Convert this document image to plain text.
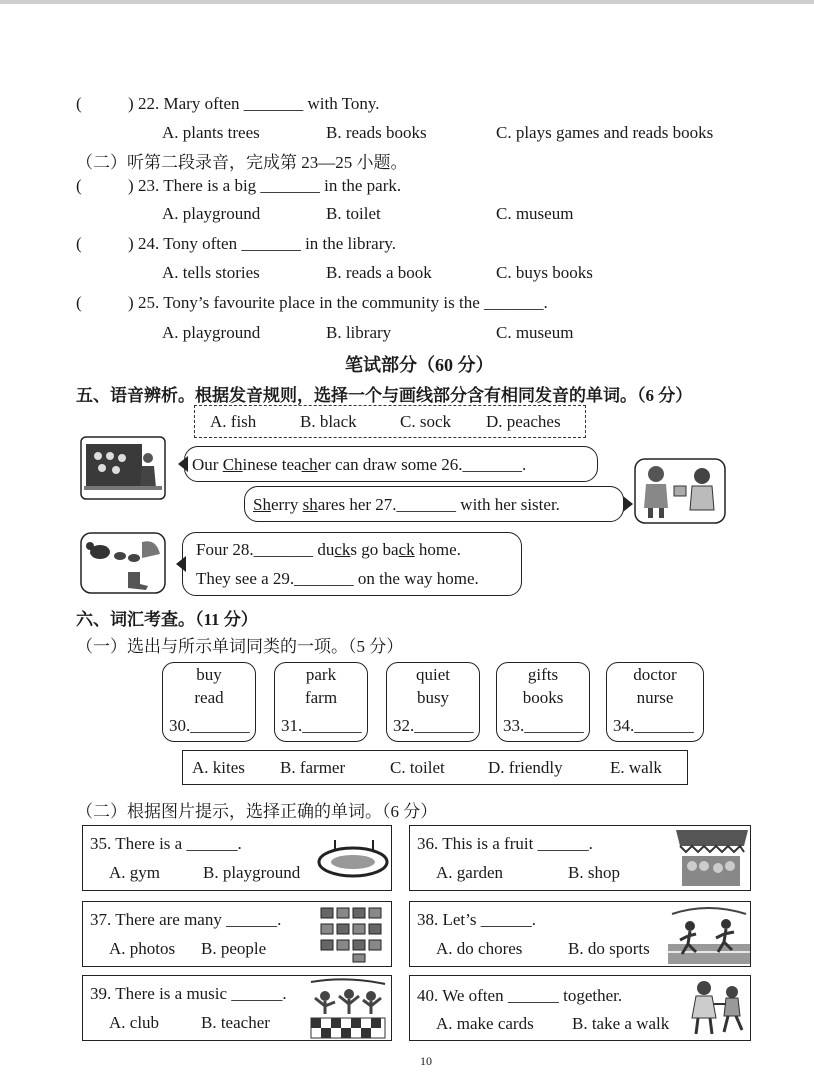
(	) 22. Mary often _______ with Tony.
A. plants trees	B. reads books	C. plays games and reads books
（二）听第二段录音，完成第 23—25 小题。
(	) 23. There is a big _______ in the park.
A. playground	B. toilet	C. museum
(	) 24. Tony often _______ in the library.
A. tells stories	B. reads a book	C. buys books
(	) 25. Tony’s favourite place in the community is the _______.
A. playground	B. library	C. museum
笔试部分（60 分）
五、语音辨析。根据发音规则，选择一个与画线部分含有相同发音的单词。（6 分）
A. fish	B. black	C. sock D. peaches
Our Chinese teacher can draw some 26._______.
Sherry shares her 27._______ with her sister.
Four 28._______ ducks go back home.
They see a 29._______ on the way home.
六、词汇考查。（11 分）
（一）选出与所示单词同类的一项。（5 分）
buy
read
30._______
park
farm
31._______
quiet
busy
32._______
gifts
books
33._______
doctor
nurse
34._______
A. kites B. farmer	C. toilet	D. friendly	E. walk
（二）根据图片提示，选择正确的单词。（6 分）
35. There is a ______.
A. gym	B. playground
36. This is a fruit ______.
A. garden	B. shop
37. There are many ______.
A. photos B. people
38. Let’s ______.
A. do chores	B. do sports
39. There is a music ______.
A. club B. teacher
40. We often ______ together.
A. make cards B. take a walk
10
